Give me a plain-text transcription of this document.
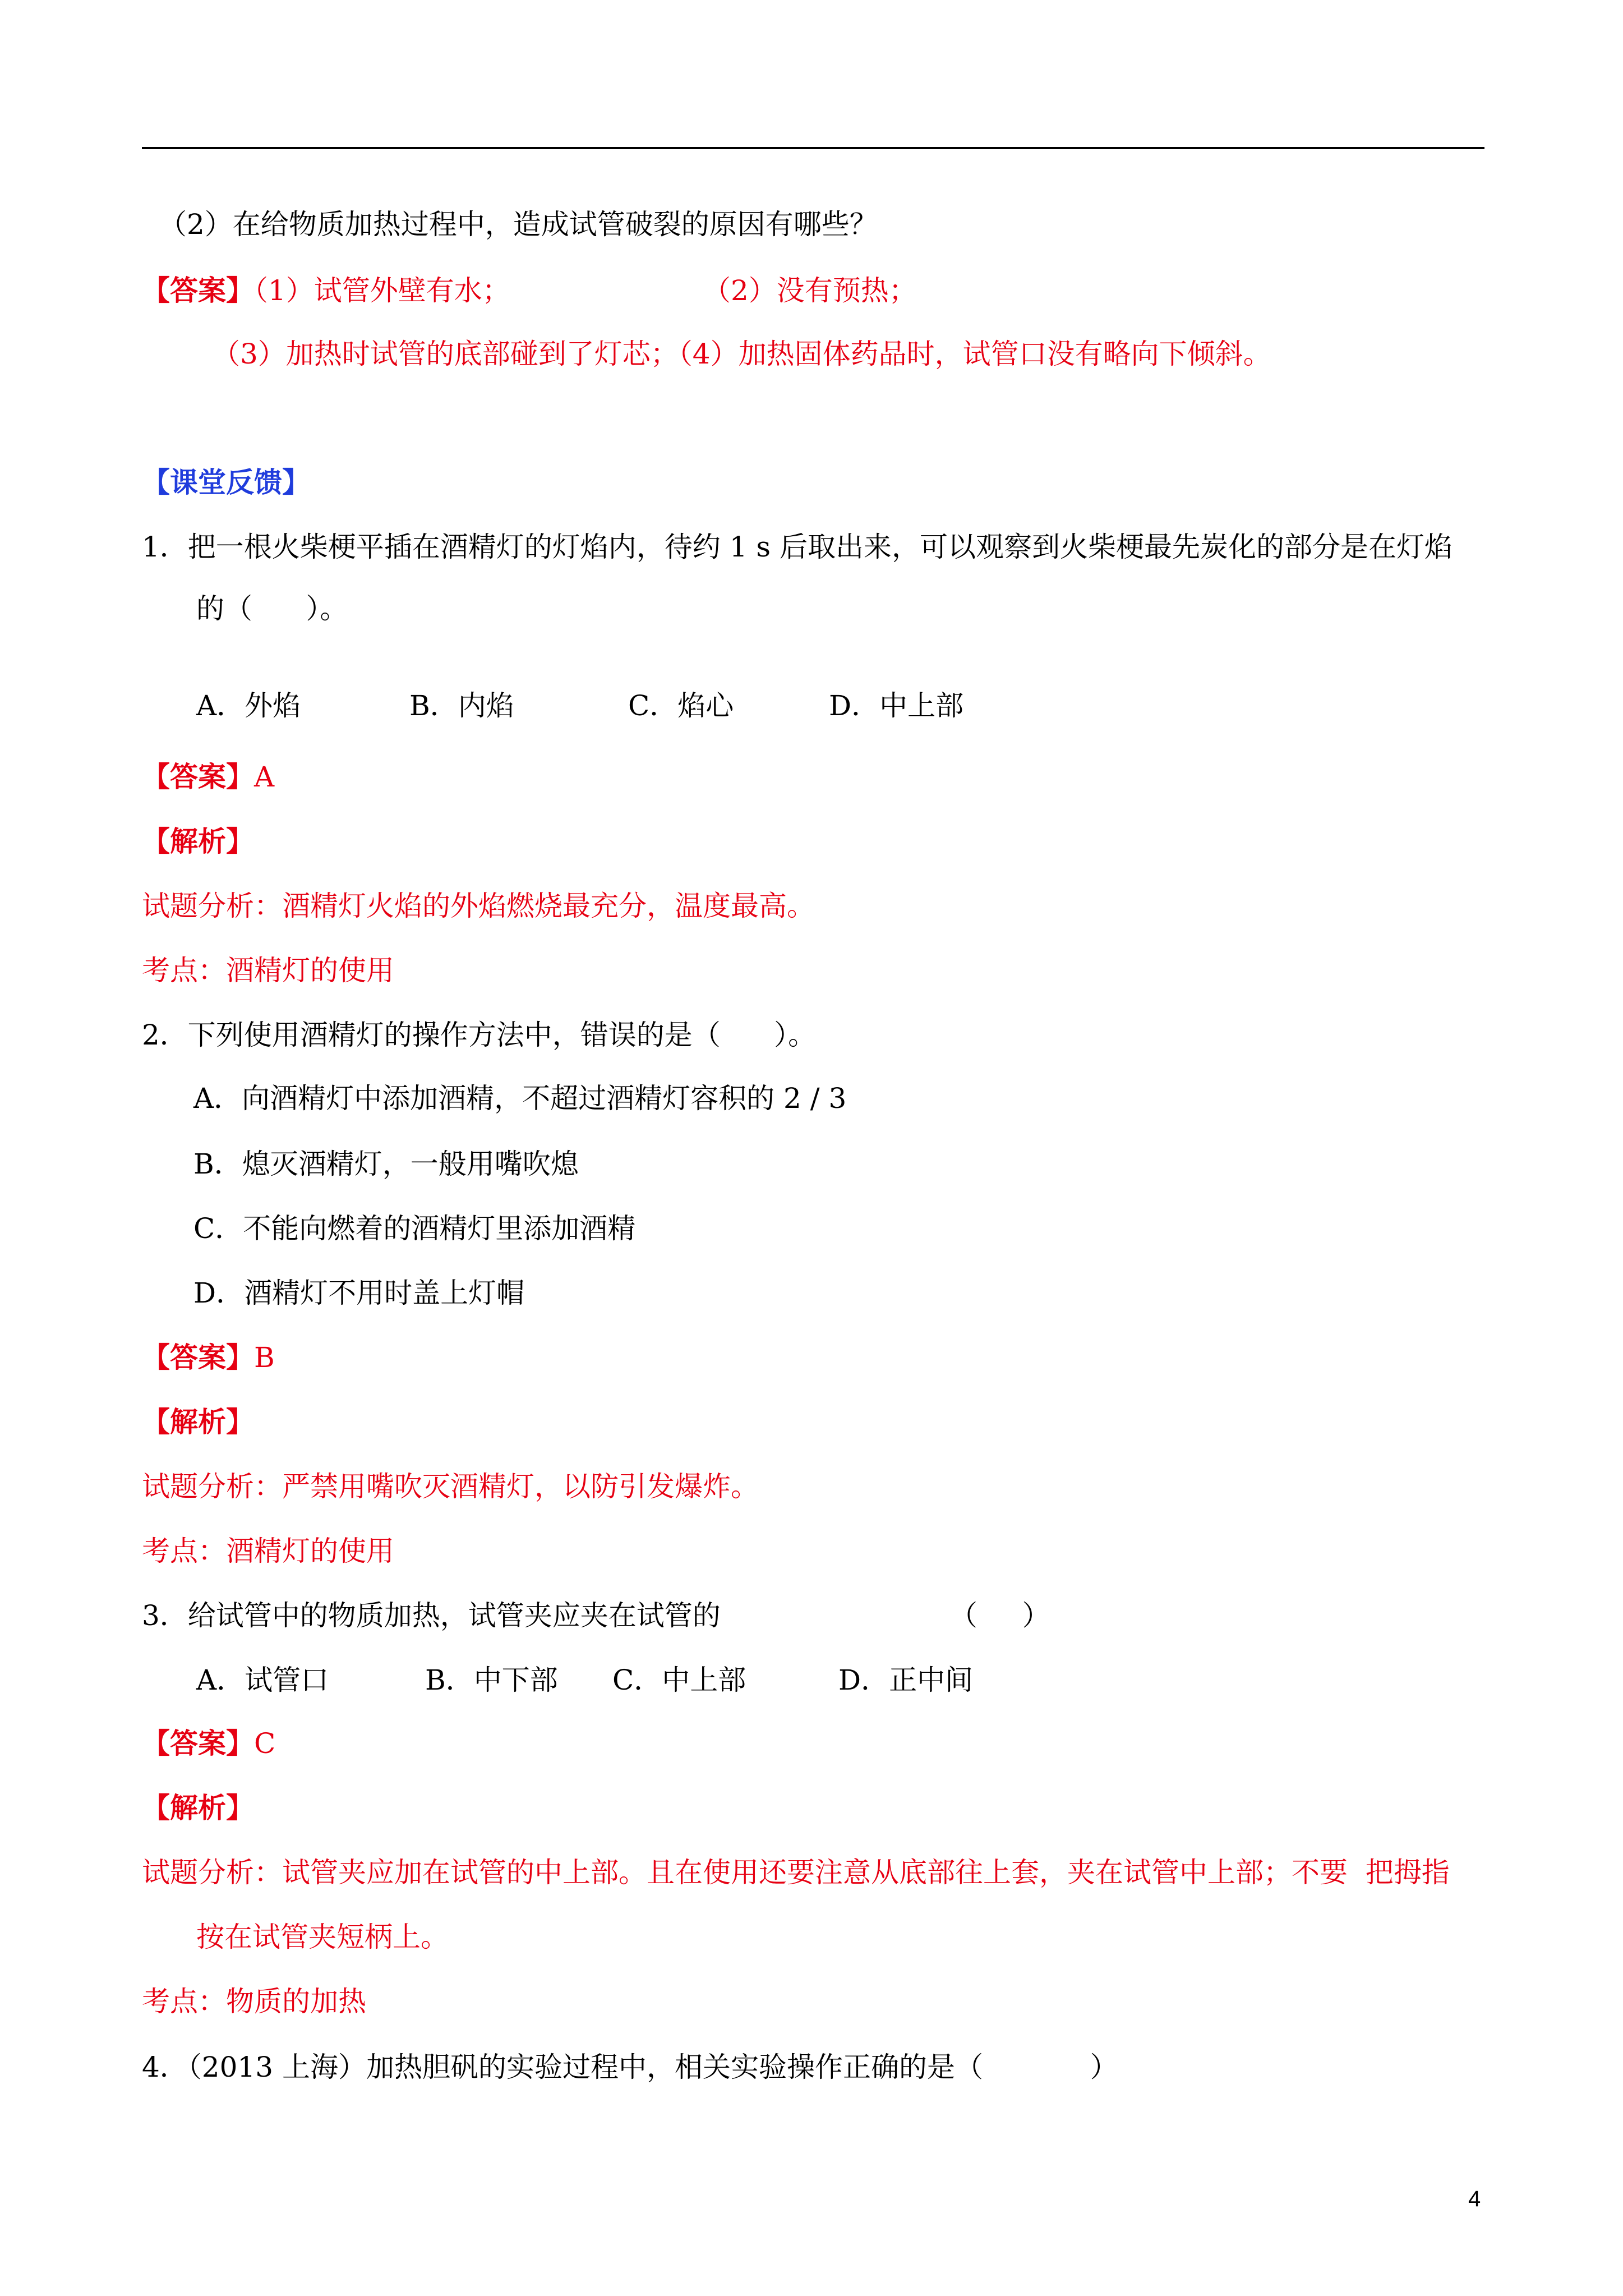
（2）在给物质加热过程中，造成试管破裂的原因有哪些？
【答案】（1）试管外壁有水；	（2）没有预热；
（3）加热时试管的底部碰到了灯芯；（4）加热固体药品时，试管口没有略向下倾斜。
【课堂反馈】
1．把一根火柴梗平插在酒精灯的灯焰内，待约 1 s 后取出来，可以观察到火柴梗最先炭化的部分是在灯焰
的（      ）。
A．外焰	B．内焰	C．焰心	D．中上部
【答案】A
【解析】
试题分析：酒精灯火焰的外焰燃烧最充分，温度最高。
考点：酒精灯的使用
2．下列使用酒精灯的操作方法中，错误的是（      ）。
A．向酒精灯中添加酒精，不超过酒精灯容积的 2 / 3
B．熄灭酒精灯，一般用嘴吹熄
C．不能向燃着的酒精灯里添加酒精
D．酒精灯不用时盖上灯帽
【答案】B
【解析】
试题分析：严禁用嘴吹灭酒精灯，以防引发爆炸。
考点：酒精灯的使用
3．给试管中的物质加热，试管夹应夹在试管的	（     ）
A．试管口	B．中下部 C．中上部	D．正中间
【答案】C
【解析】
试题分析：试管夹应加在试管的中上部。且在使用还要注意从底部往上套，夹在试管中上部；不要  把拇指
按在试管夹短柄上。
考点：物质的加热
4．（2013 上海）加热胆矾的实验过程中，相关实验操作正确的是（            ）
4
